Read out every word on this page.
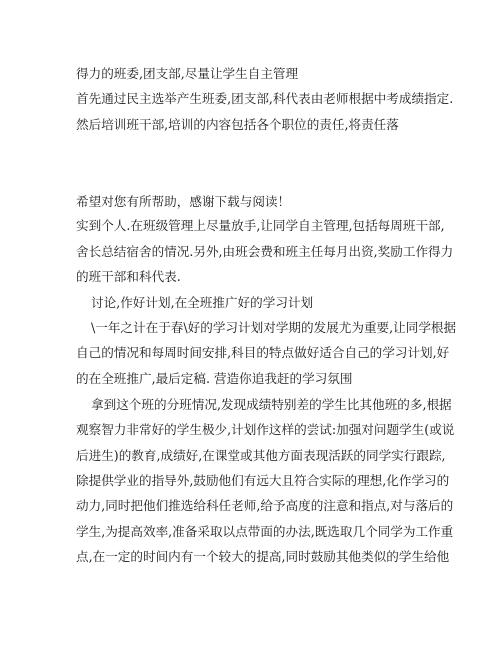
得力的班委,团支部,尽量让学生自主管理
首先通过民主选举产生班委,团支部,科代表由老师根据中考成绩指定.
然后培训班干部,培训的内容包括各个职位的责任,将责任落
希望对您有所帮助，感谢下载与阅读！
实到个人.在班级管理上尽量放手,让同学自主管理,包括每周班干部,
舍长总结宿舍的情况.另外,由班会费和班主任每月出资,奖励工作得力
的班干部和科代表.
讨论,作好计划,在全班推广好的学习计划
\一年之计在于春\好的学习计划对学期的发展尤为重要,让同学根据
自己的情况和每周时间安排,科目的特点做好适合自己的学习计划,好
的在全班推广,最后定稿. 营造你追我赶的学习氛围
拿到这个班的分班情况,发现成绩特别差的学生比其他班的多,根据
观察智力非常好的学生极少,计划作这样的尝试:加强对问题学生(或说
后进生)的教育,成绩好,在课堂或其他方面表现活跃的同学实行跟踪,
除提供学业的指导外,鼓励他们有远大且符合实际的理想,化作学习的
动力,同时把他们推选给科任老师,给予高度的注意和指点,对与落后的
学生,为提高效率,准备采取以点带面的办法,既选取几个同学为工作重
点,在一定的时间内有一个较大的提高,同时鼓励其他类似的学生给他
